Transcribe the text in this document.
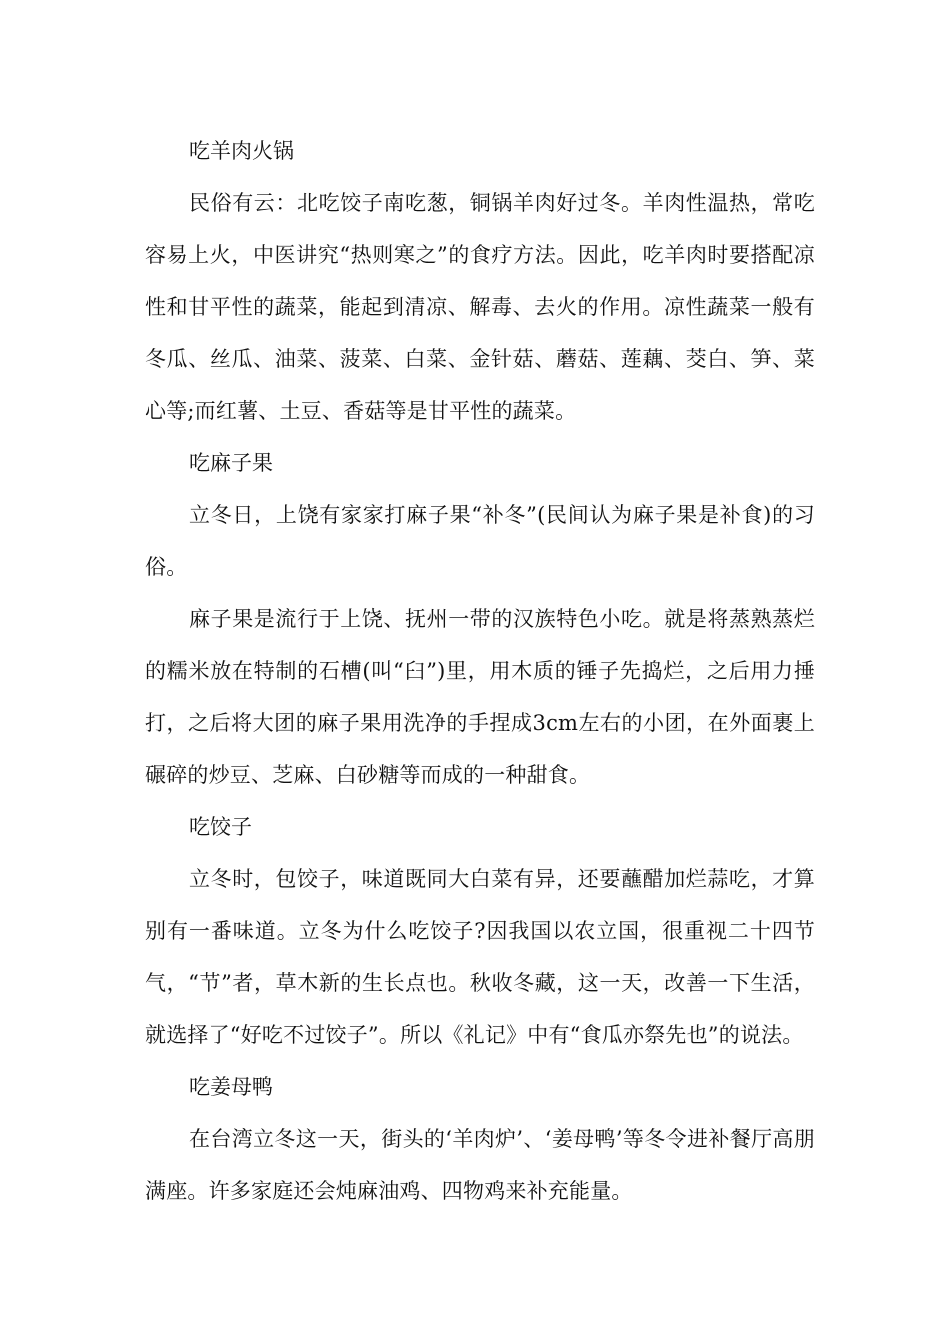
吃羊肉火锅

民俗有云：北吃饺子南吃葱，铜锅羊肉好过冬。羊肉性温热，常吃容易上火，中医讲究“热则寒之”的食疗方法。因此，吃羊肉时要搭配凉性和甘平性的蔬菜，能起到清凉、解毒、去火的作用。凉性蔬菜一般有冬瓜、丝瓜、油菜、菠菜、白菜、金针菇、蘑菇、莲藕、茭白、笋、菜心等;而红薯、土豆、香菇等是甘平性的蔬菜。

吃麻子果

立冬日，上饶有家家打麻子果“补冬”(民间认为麻子果是补食)的习俗。

麻子果是流行于上饶、抚州一带的汉族特色小吃。就是将蒸熟蒸烂的糯米放在特制的石槽(叫“臼”)里，用木质的锤子先捣烂，之后用力捶打，之后将大团的麻子果用洗净的手捏成3cm左右的小团，在外面裹上碾碎的炒豆、芝麻、白砂糖等而成的一种甜食。

吃饺子

立冬时，包饺子，味道既同大白菜有异，还要蘸醋加烂蒜吃，才算别有一番味道。立冬为什么吃饺子?因我国以农立国，很重视二十四节气，“节”者，草木新的生长点也。秋收冬藏，这一天，改善一下生活，就选择了“好吃不过饺子”。所以《礼记》中有“食瓜亦祭先也”的说法。

吃姜母鸭

在台湾立冬这一天，街头的‘羊肉炉’、‘姜母鸭’等冬令进补餐厅高朋满座。许多家庭还会炖麻油鸡、四物鸡来补充能量。
